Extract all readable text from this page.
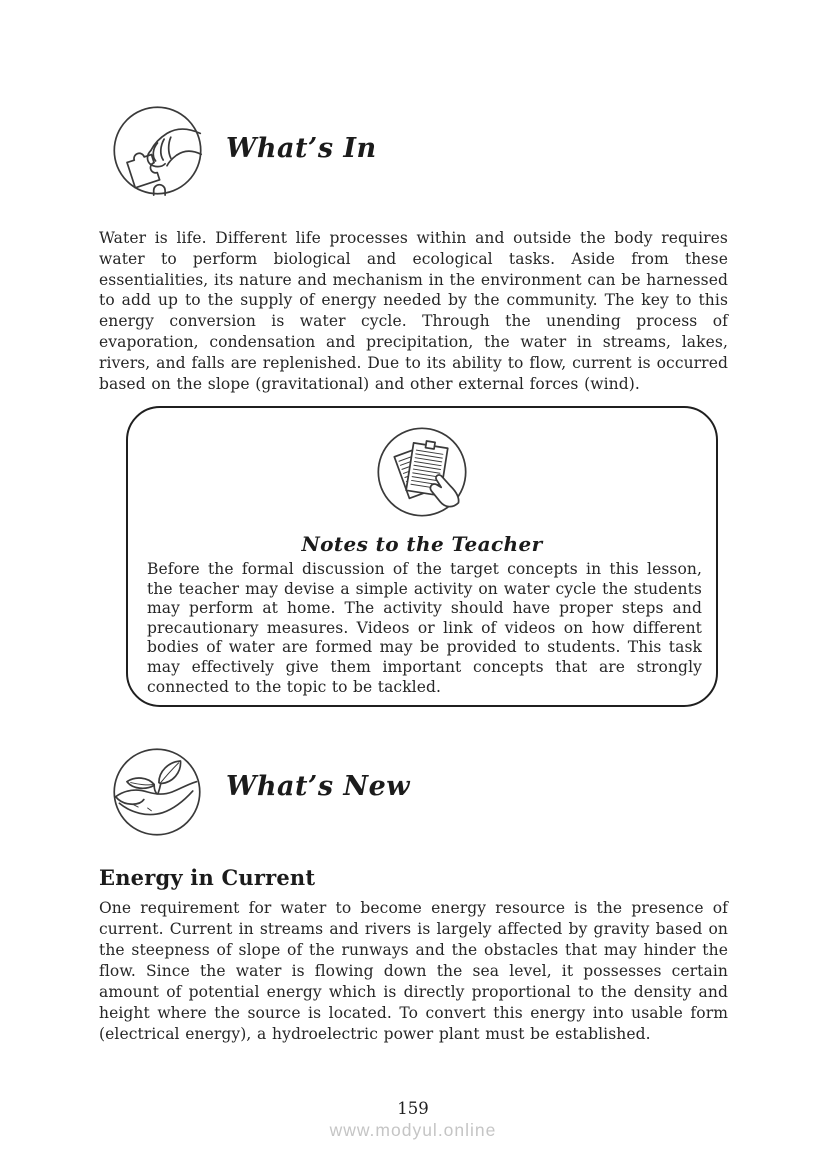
What’s In
Water is life. Different life processes within and outside the body requires water to perform biological and ecological tasks. Aside from these essentialities, its nature and mechanism in the environment can be harnessed to add up to the supply of energy needed by the community. The key to this energy conversion is water cycle. Through the unending process of evaporation, condensation and precipitation, the water in streams, lakes, rivers, and falls are replenished. Due to its ability to flow, current is occurred based on the slope (gravitational) and other external forces (wind).
Notes to the Teacher
Before the formal discussion of the target concepts in this lesson, the teacher may devise a simple activity on water cycle the students may perform at home. The activity should have proper steps and precautionary measures. Videos or link of videos on how different bodies of water are formed may be provided to students. This task may effectively give them important concepts that are strongly connected to the topic to be tackled.
What’s New
Energy in Current
One requirement for water to become energy resource is the presence of current. Current in streams and rivers is largely affected by gravity based on the steepness of slope of the runways and the obstacles that may hinder the flow. Since the water is flowing down the sea level, it possesses certain amount of potential energy which is directly proportional to the density and height where the source is located. To convert this energy into usable form (electrical energy), a hydroelectric power plant must be established.
159
www.modyul.online
